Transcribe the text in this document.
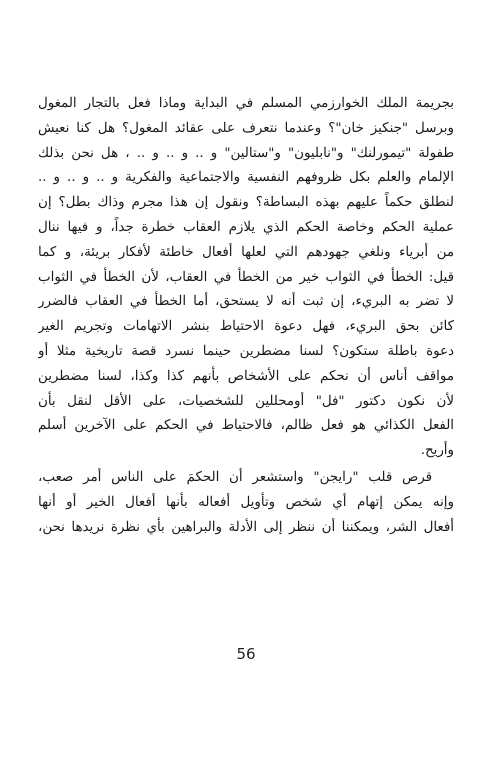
بجريمة الملك الخوارزمي المسلم في البداية وماذا فعل بالتجار المغول
وبرسل "جنكيز خان"؟ وعندما نتعرف على عقائد المغول؟ هل كنا نعيش
طفولة "تيمورلنك" و"نابليون" و"ستالين" و .. و .. و .. ، هل نحن بذلك
الإلمام والعلم بكل ظروفهم النفسية والاجتماعية والفكرية و .. و .. و ..
لنطلق حكماً عليهم بهذه البساطة؟ ونقول إن هذا مجرم وذاك بطل؟ إن
عملية الحكم وخاصة الحكم الذي يلازم العقاب خطرة جداً، و فيها ننال
من أبرياء ونلغي جهودهم التي لعلها أفعال خاطئة لأفكار بريئة، و كما
قيل: الخطأ في الثواب خير من الخطأ في العقاب، لأن الخطأ في الثواب
لا تضر به البريء، إن ثبت أنه لا يستحق، أما الخطأ في العقاب فالضرر
كائن بحق البريء، فهل دعوة الاحتياط بنشر الاتهامات وتجريم الغير
دعوة باطلة ستكون؟ لسنا مضطرين حينما نسرد قصة تاريخية مثلا أو
مواقف أناس أن نحكم على الأشخاص بأنهم كذا وكذا، لسنا مضطرين
لأن نكون دكتور "فل" أومحللين للشخصيات، على الأقل لنقل بأن
الفعل الكذائي هو فعل ظالم، فالاحتياط في الحكم على الآخرين أسلم
وأريح.
قرص قلب "رايجن" واستشعر أن الحكمَ على الناس أمر صعب،
وإنه يمكن إتهام أي شخص وتأويل أفعاله بأنها أفعال الخير أو أنها
أفعال الشر، ويمكننا أن ننظر إلى الأدلة والبراهين بأي نظرة نريدها نحن،
56
